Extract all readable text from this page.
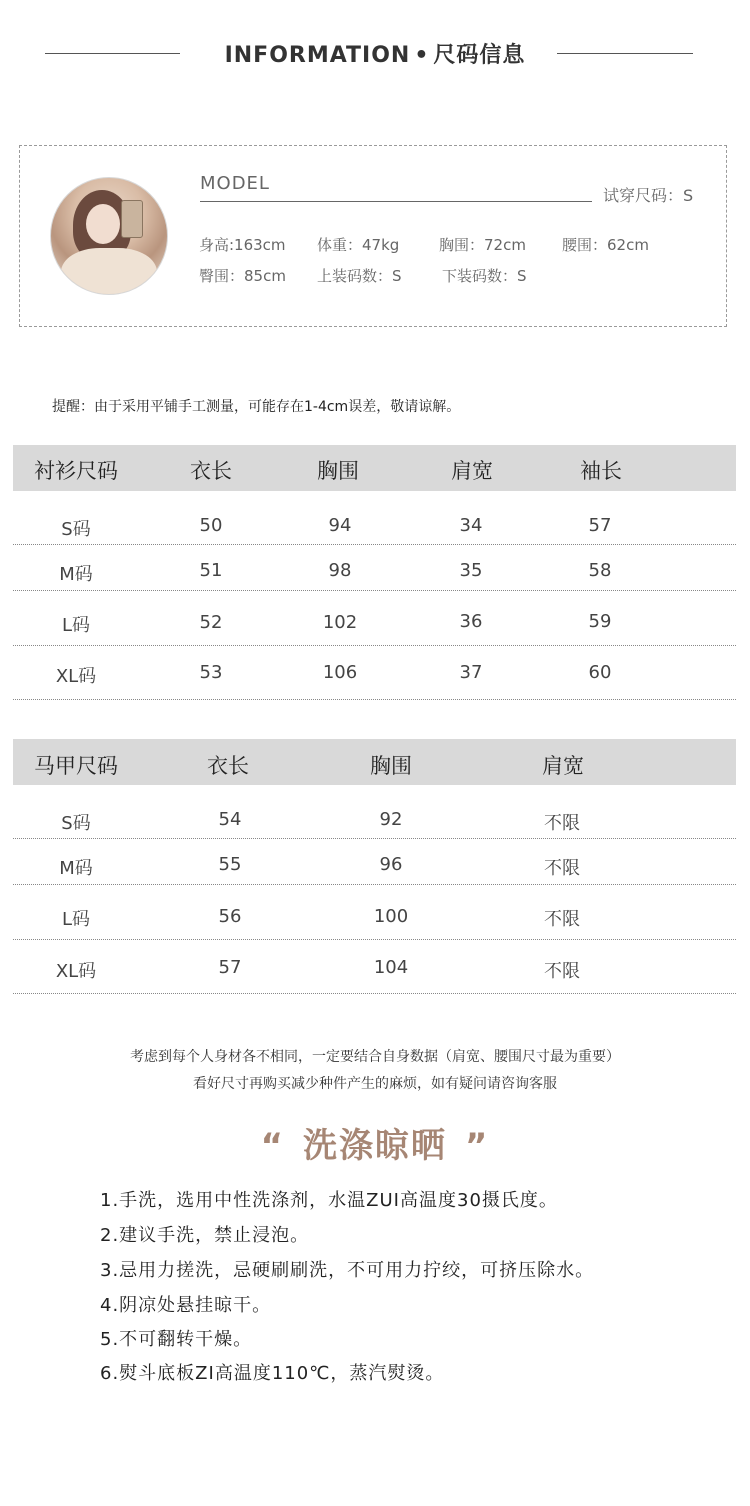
INFORMATION • 尺码信息
MODEL
试穿尺码：S
身高:163cm 体重：47kg	胸围：72cm 腰围：62cm
臀围：85cm 上装码数：S	下装码数：S
提醒：由于采用平铺手工测量，可能存在1-4cm误差，敬请谅解。
衬衫尺码	衣长	胸围	肩宽	袖长
S码	50	94	34	57
M码	51	98	35	58
L码	52	102	36	59
XL码	53	106	37	60
马甲尺码	衣长	胸围	肩宽
S码	54	92	不限
M码	55	96	不限
L码	56	100	不限
XL码	57	104	不限
考虑到每个人身材各不相同，一定要结合自身数据（肩宽、腰围尺寸最为重要）
看好尺寸再购买减少种件产生的麻烦，如有疑问请咨询客服
“ 洗涤晾晒 ”
1.手洗，选用中性洗涤剂，水温ZUI高温度30摄氏度。
2.建议手洗，禁止浸泡。
3.忌用力搓洗，忌硬刷刷洗，不可用力拧绞，可挤压除水。
4.阴凉处悬挂晾干。
5.不可翻转干燥。
6.熨斗底板ZI高温度110℃，蒸汽熨烫。
